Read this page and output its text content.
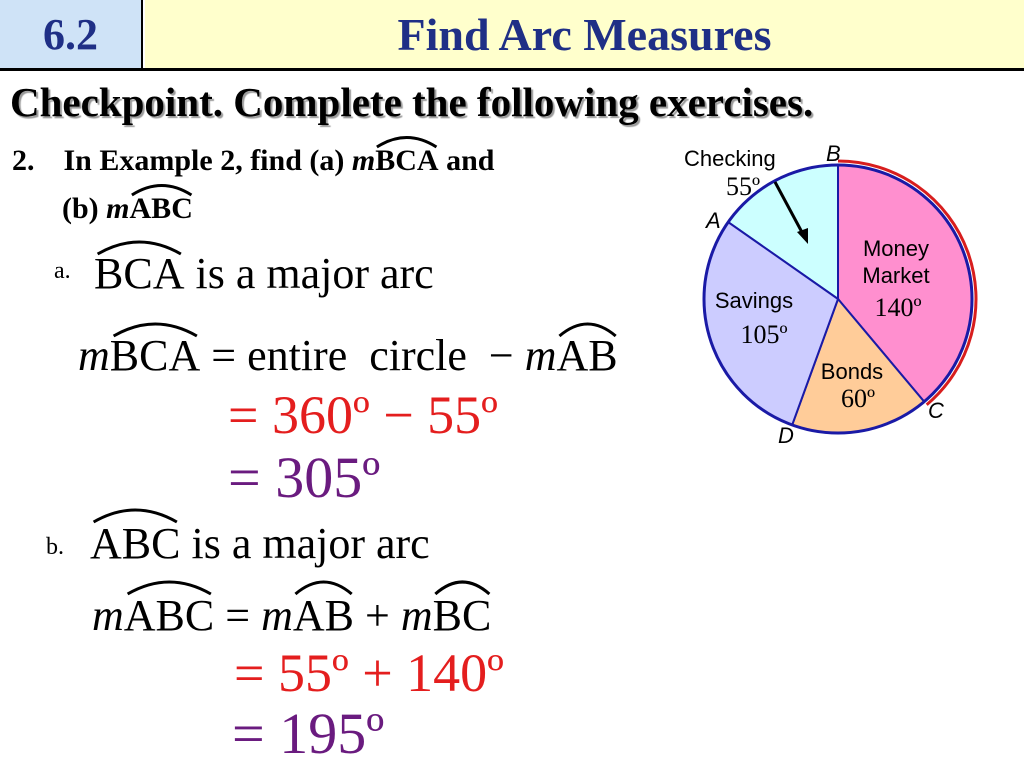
6.2	Find Arc Measures
Checkpoint. Complete the following exercises.
2. In Example 2, find (a) m
BCA and
(b) m
ABC
a. BCA is a major arc
m
BCA = entire  circle  − m
AB
= 360º − 55º
= 305º
b. ABC is a major arc
m
ABC = m
AB + m
BC
= 55º + 140º
= 195º
Checking
55º
B
A
C
D
Money
Market
140º
Bonds
60º
Savings
105º
